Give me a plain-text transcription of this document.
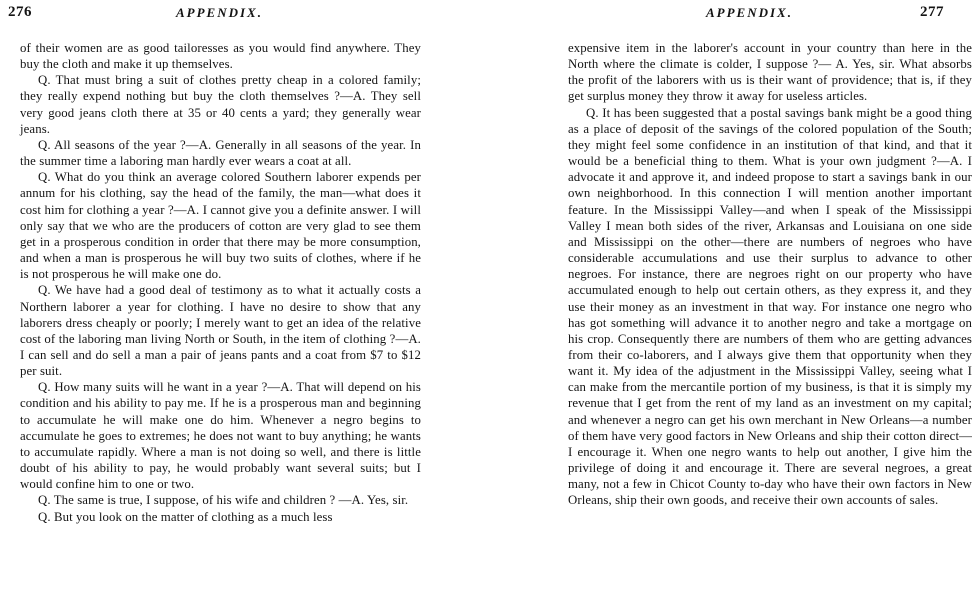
276	APPENDIX.

of their women are as good tailoresses as you would find anywhere. They buy the cloth and make it up themselves.

Q. That must bring a suit of clothes pretty cheap in a colored family; they really expend nothing but buy the cloth themselves ?—A. They sell very good jeans cloth there at 35 or 40 cents a yard; they generally wear jeans.

Q. All seasons of the year ?—A. Generally in all seasons of the year. In the summer time a laboring man hardly ever wears a coat at all.

Q. What do you think an average colored Southern laborer expends per annum for his clothing, say the head of the family, the man—what does it cost him for clothing a year ?—A. I cannot give you a definite answer. I will only say that we who are the producers of cotton are very glad to see them get in a prosperous condition in order that there may be more consumption, and when a man is prosperous he will buy two suits of clothes, where if he is not prosperous he will make one do.

Q. We have had a good deal of testimony as to what it actually costs a Northern laborer a year for clothing. I have no desire to show that any laborers dress cheaply or poorly; I merely want to get an idea of the relative cost of the laboring man living North or South, in the item of clothing ?—A. I can sell and do sell a man a pair of jeans pants and a coat from $7 to $12 per suit.

Q. How many suits will he want in a year ?—A. That will depend on his condition and his ability to pay me. If he is a prosperous man and beginning to accumulate he will make one do him. Whenever a negro begins to accumulate he goes to extremes; he does not want to buy anything; he wants to accumulate rapidly. Where a man is not doing so well, and there is little doubt of his ability to pay, he would probably want several suits; but I would confine him to one or two.

Q. The same is true, I suppose, of his wife and children ? —A. Yes, sir.

Q. But you look on the matter of clothing as a much less

APPENDIX.	277

expensive item in the laborer's account in your country than here in the North where the climate is colder, I suppose ?— A. Yes, sir. What absorbs the profit of the laborers with us is their want of providence; that is, if they get surplus money they throw it away for useless articles.

Q. It has been suggested that a postal savings bank might be a good thing as a place of deposit of the savings of the colored population of the South; they might feel some confidence in an institution of that kind, and that it would be a beneficial thing to them. What is your own judgment ?—A. I advocate it and approve it, and indeed propose to start a savings bank in our own neighborhood. In this connection I will mention another important feature. In the Mississippi Valley—and when I speak of the Mississippi Valley I mean both sides of the river, Arkansas and Louisiana on one side and Mississippi on the other—there are numbers of negroes who have considerable accumulations and use their surplus to advance to other negroes. For instance, there are negroes right on our property who have accumulated enough to help out certain others, as they express it, and they use their money as an investment in that way. For instance one negro who has got something will advance it to another negro and take a mortgage on his crop. Consequently there are numbers of them who are getting advances from their co-laborers, and I always give them that opportunity when they want it. My idea of the adjustment in the Mississippi Valley, seeing what I can make from the mercantile portion of my business, is that it is simply my revenue that I get from the rent of my land as an investment on my capital; and whenever a negro can get his own merchant in New Orleans—a number of them have very good factors in New Orleans and ship their cotton direct—I encourage it. When one negro wants to help out another, I give him the privilege of doing it and encourage it. There are several negroes, a great many, not a few in Chicot County to-day who have their own factors in New Orleans, ship their own goods, and receive their own accounts of sales.
